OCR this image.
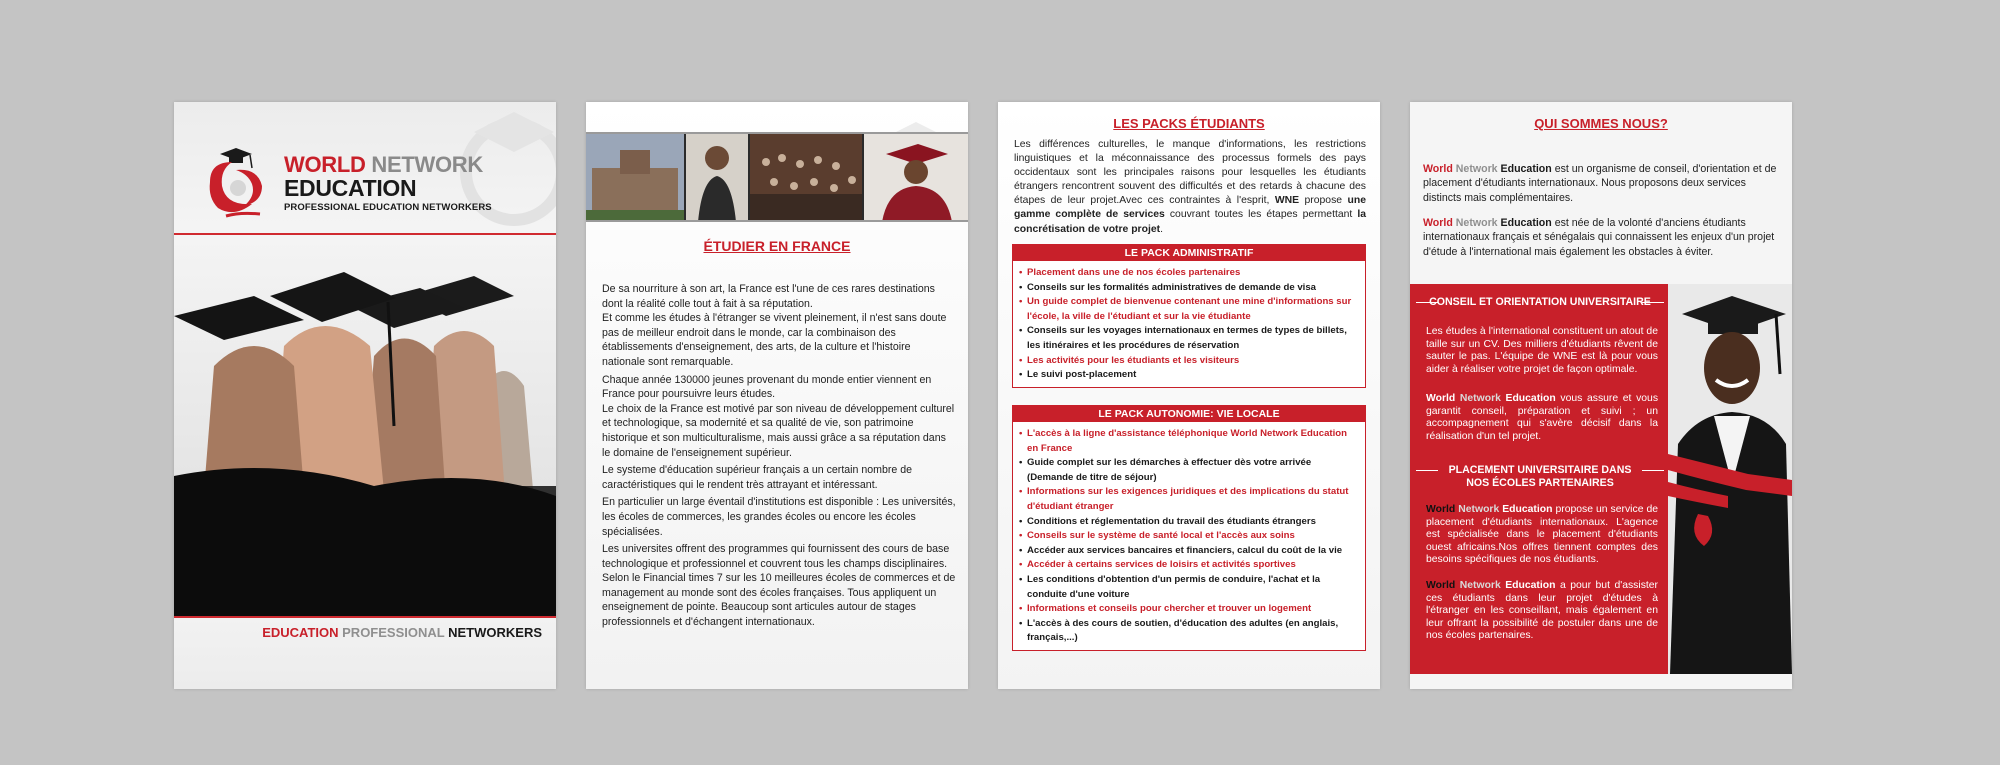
WORLD NETWORK
EDUCATION
PROFESSIONAL EDUCATION NETWORKERS
EDUCATION PROFESSIONAL NETWORKERS
ÉTUDIER EN FRANCE

De sa nourriture à son art, la France est l'une de ces rares destinations dont la réalité colle tout à fait à sa réputation.

Et comme les études à l'étranger se vivent pleinement, il n'est sans doute pas de meilleur endroit dans le monde, car la combinaison des établissements d'enseignement, des arts, de la culture et l'histoire nationale sont remarquable.

Chaque année 130000 jeunes provenant du monde entier viennent en France pour poursuivre leurs études.

Le choix de la France est motivé par son niveau de développement culturel et technologique, sa modernité et sa qualité de vie, son patrimoine historique et son multiculturalisme, mais aussi grâce a sa réputation dans le domaine de l'enseignement supérieur.

Le systeme d'éducation supérieur français a un certain nombre de caractéristiques qui le rendent très attrayant et intéressant.

En particulier un large éventail d'institutions est disponible : Les universités, les écoles de commerces, les grandes écoles ou encore les écoles spécialisées.

Les universites offrent des programmes qui fournissent des cours de base technologique et professionnel et couvrent tous les champs disciplinaires. Selon le Financial times 7 sur les 10 meilleures écoles de commerces et de management au monde sont des écoles françaises. Tous appliquent un enseignement de pointe. Beaucoup sont articules autour de stages professionnels et d'échangent internationaux.

LES PACKS ÉTUDIANTS
Les différences culturelles, le manque d'informations, les restrictions linguistiques et la méconnaissance des processus formels des pays occidentaux sont les principales raisons pour lesquelles les étudiants étrangers rencontrent souvent des difficultés et des retards à chacune des étapes de leur projet.Avec ces contraintes à l'esprit, WNE propose une gamme complète de services couvrant toutes les étapes permettant la concrétisation de votre projet.
LE PACK ADMINISTRATIF
• Placement dans une de nos écoles partenaires
• Conseils sur les formalités administratives de demande de visa
• Un guide complet de bienvenue contenant une mine d'informations sur l'école, la ville de l'étudiant et sur la vie étudiante
• Conseils sur les voyages internationaux en termes de types de billets, les itinéraires et les procédures de réservation
• Les activités pour les étudiants et les visiteurs
• Le suivi post-placement
LE PACK AUTONOMIE: VIE LOCALE
• L'accès à la ligne d'assistance téléphonique World Network Education en France
• Guide complet sur les démarches à effectuer dès votre arrivée (Demande de titre de séjour)
• Informations sur les exigences juridiques et des implications du statut d'étudiant étranger
• Conditions et réglementation du travail des étudiants étrangers
• Conseils sur le système de santé local et l'accès aux soins
• Accéder aux services bancaires et financiers, calcul du coût de la vie
• Accéder à certains services de loisirs et activités sportives
• Les conditions d'obtention d'un permis de conduire, l'achat et la conduite d'une voiture
• Informations et conseils pour chercher et trouver un logement
• L'accès à des cours de soutien, d'éducation des adultes (en anglais, français,...)
QUI SOMMES NOUS?
World Network Education est un organisme de conseil, d'orientation et de placement d'étudiants internationaux. Nous proposons deux services distincts mais complémentaires.
World Network Education est née de la volonté d'anciens étudiants internationaux français et sénégalais qui connaissent les enjeux d'un projet d'étude à l'international mais également les obstacles à éviter.
CONSEIL ET ORIENTATION UNIVERSITAIRE
Les études à l'international constituent un atout de taille sur un CV. Des milliers d'étudiants rêvent de sauter le pas. L'équipe de WNE est là pour vous aider à réaliser votre projet de façon optimale.
World Network Education vous assure et vous garantit conseil, préparation et suivi ; un accompagnement qui s'avère décisif dans la réalisation d'un tel projet.
PLACEMENT UNIVERSITAIRE DANS NOS ÉCOLES PARTENAIRES
World Network Education propose un service de placement d'étudiants internationaux. L'agence est spécialisée dans le placement d'étudiants ouest africains.Nos offres tiennent comptes des besoins spécifiques de nos étudiants.
World Network Education a pour but d'assister ces étudiants dans leur projet d'études à l'étranger en les conseillant, mais également en leur offrant la possibilité de postuler dans une de nos écoles partenaires.
